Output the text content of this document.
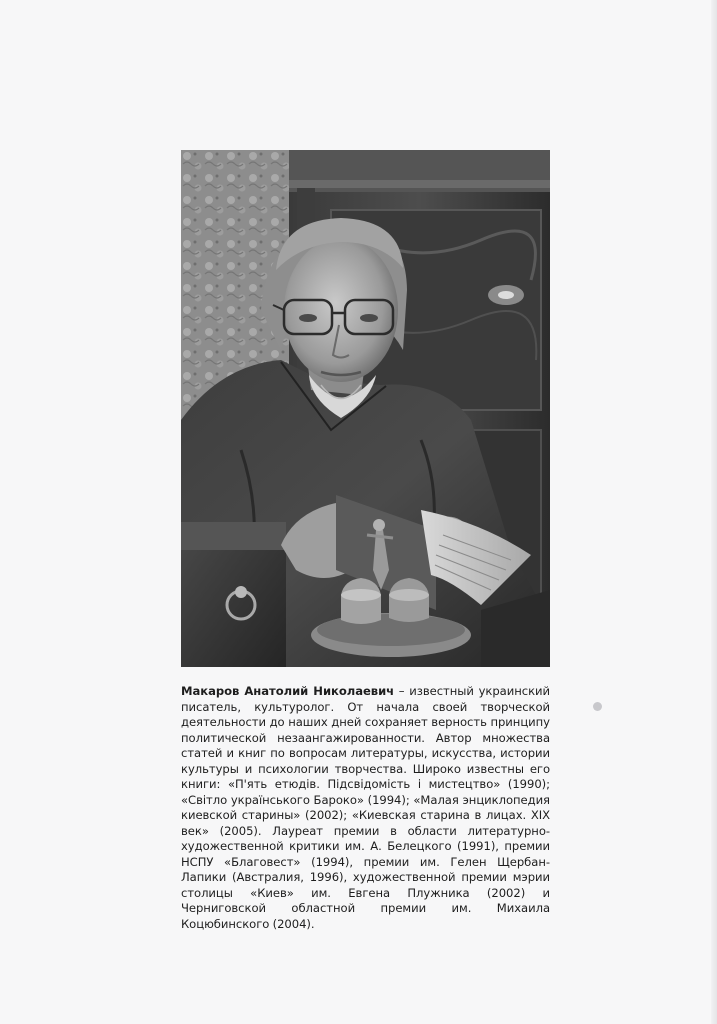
Макаров Анатолий Николаевич – известный украинский писатель, культуролог. От начала своей творческой деятельности до наших дней сохраняет верность принципу политической незаангажированности. Автор множества статей и книг по вопросам литературы, искусства, истории культуры и психологии творчества. Широко известны его книги: «П'ять етюдів. Підсвідомість і мистецтво» (1990); «Світло українського Бароко» (1994); «Малая энциклопедия киевской старины» (2002); «Киевская старина в лицах. XIX век» (2005). Лауреат премии в области литературно-художественной критики им. А. Белецкого (1991), премии НСПУ «Благовест» (1994), премии им. Гелен Щербан-Лапики (Австралия, 1996), художественной премии мэрии столицы «Киев» им. Евгена Плужника (2002) и Черниговской областной премии им. Михаила Коцюбинского (2004).
